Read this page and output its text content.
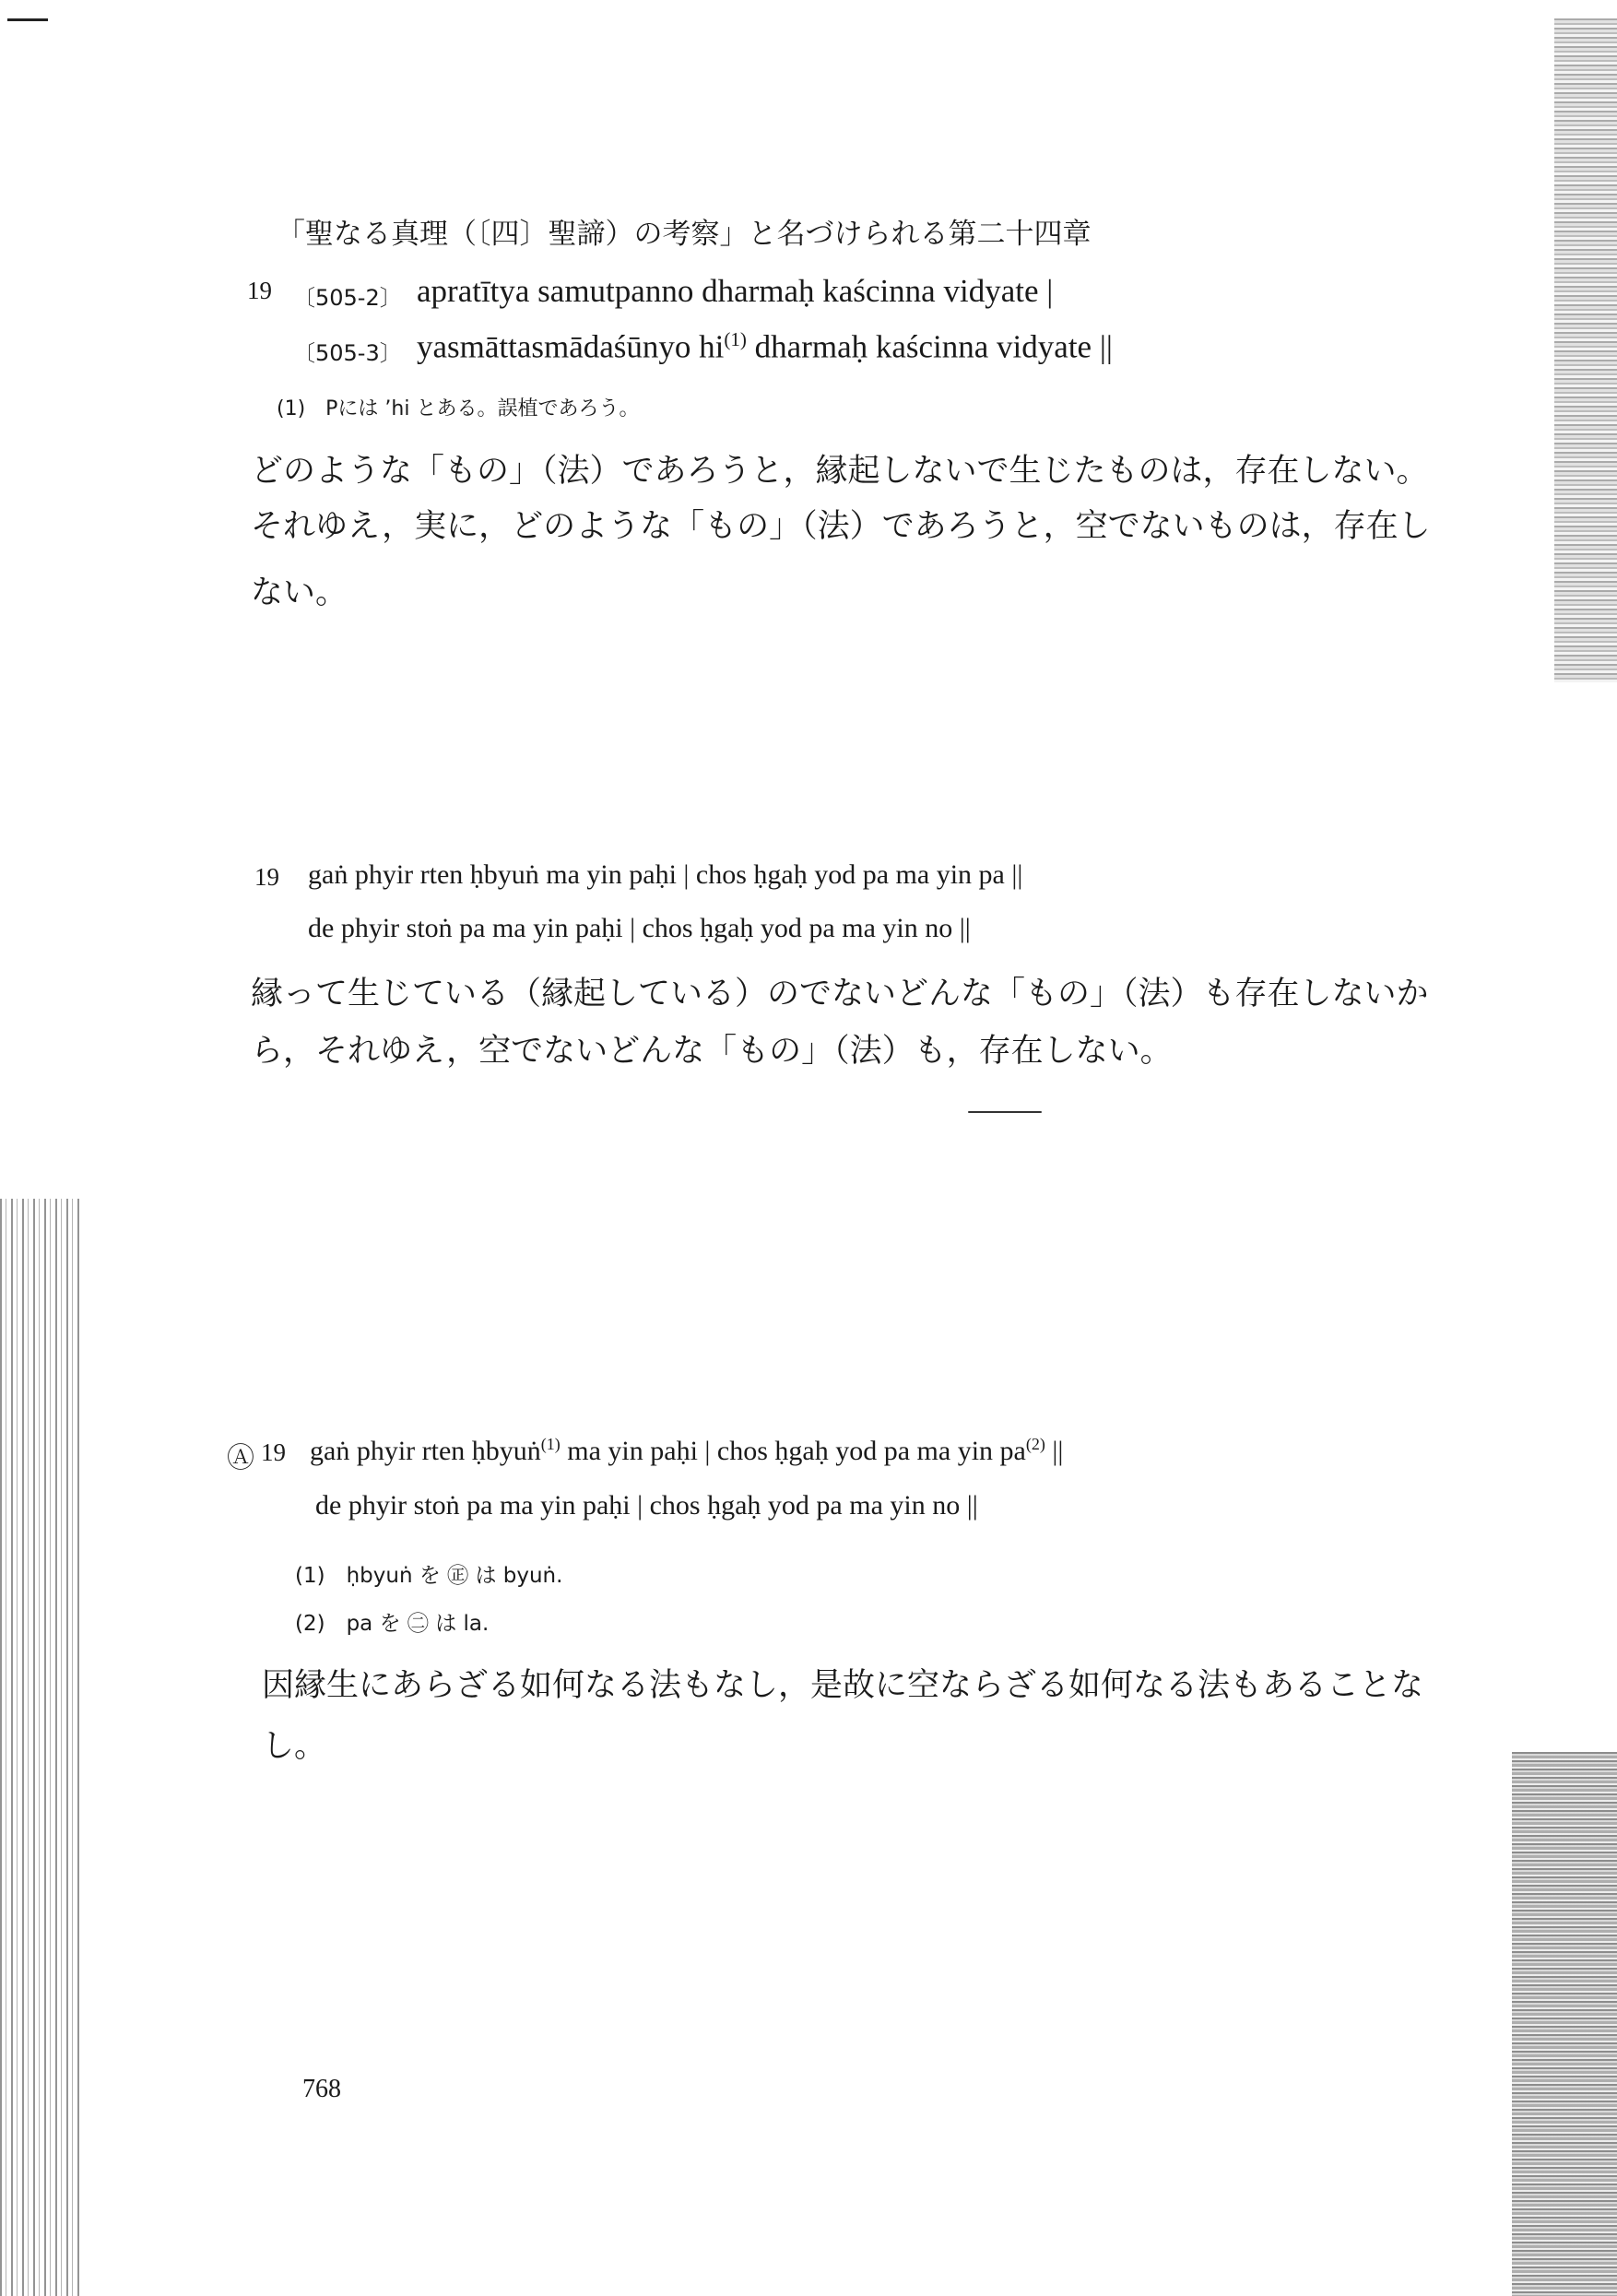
「聖なる真理（〔四〕聖諦）の考察」と名づけられる第二十四章
19 〔505-2〕 apratītya samutpanno dharmaḥ kaścinna vidyate |
〔505-3〕 yasmāttasmādaśūnyo $hi^{(1)}$ dharmaḥ kaścinna vidyate ||
(1)　Pには ’hi とある。誤植であろう。
どのような「もの」（法）であろうと，縁起しないで生じたものは，存在しない。
それゆえ，実に，どのような「もの」（法）であろうと，空でないものは，存在し
ない。
19 gaṅ phyir rten ḥbyuṅ ma yin paḥi | chos ḥgaḥ yod pa ma yin pa ||
de phyir stoṅ pa ma yin paḥi | chos ḥgaḥ yod pa ma yin no ||
縁って生じている（縁起している）のでないどんな「もの」（法）も存在しないか
ら，それゆえ，空でないどんな「もの」（法）も，存在しない。
Ⓐ 19 gaṅ phyir rten ḥbyuṅ$^{(1)}$ ma yin paḥi | chos ḥgaḥ yod pa ma yin $pa^{(2)}$ ||
de phyir stoṅ pa ma yin paḥi | chos ḥgaḥ yod pa ma yin no ||
(1)　ḥbyuṅ を ㊣ は byuṅ.
(2)　pa を ㊁ は la.
因縁生にあらざる如何なる法もなし，是故に空ならざる如何なる法もあることな
し。
768
